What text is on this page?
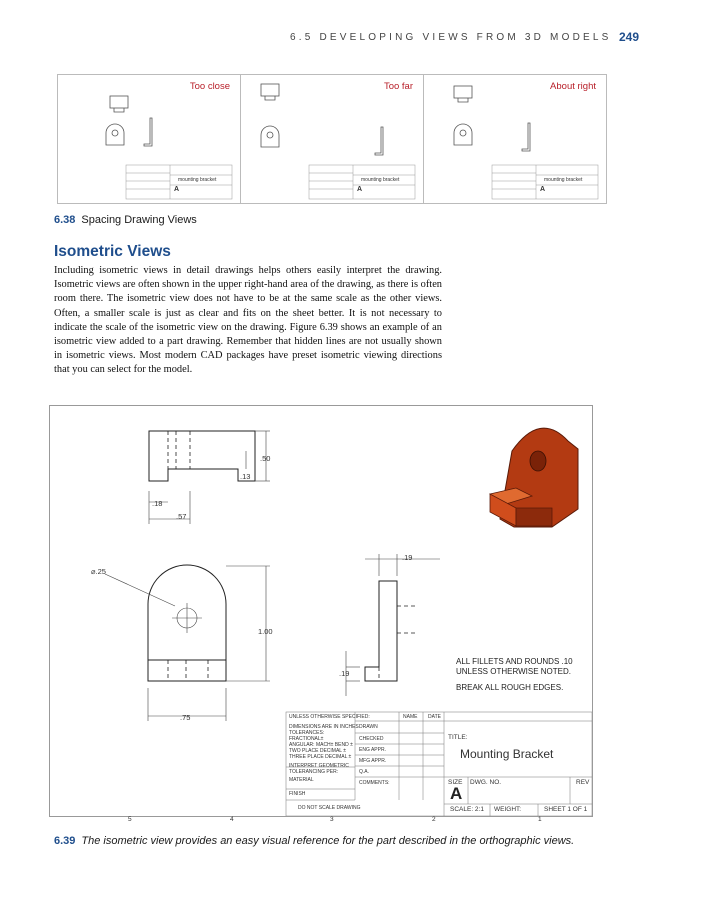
6.5 DEVELOPING VIEWS FROM 3D MODELS 249
Too close
mounting bracket
A
Too far
mounting bracket
A
About right
mounting bracket
A
6.38 Spacing Drawing Views
Isometric Views
Including isometric views in detail drawings helps others easily interpret the drawing. Isometric views are often shown in the upper right-hand area of the drawing, as there is often room there. The isometric view does not have to be at the same scale as the other views. Often, a smaller scale is just as clear and fits on the sheet better. It is not necessary to indicate the scale of the isometric view on the drawing. Figure 6.39 shows an example of an isometric view added to a part drawing. Remember that hidden lines are not usually shown in isometric views. Most modern CAD packages have preset isometric viewing directions that you can select for the model.
.50
.13
.18
.57
⌀.25
1.00
.75
.19
.19
ALL FILLETS AND ROUNDS .10
UNLESS OTHERWISE NOTED.
BREAK ALL ROUGH EDGES.
UNLESS OTHERWISE SPECIFIED:
DIMENSIONS ARE IN INCHES
TOLERANCES:
FRACTIONAL±
ANGULAR: MACH± BEND ±
TWO PLACE DECIMAL ±
THREE PLACE DECIMAL ±
INTERPRET GEOMETRIC
TOLERANCING PER:
MATERIAL
FINISH
DO NOT SCALE DRAWING
NAME DATE
DRAWN
CHECKED
ENG APPR.
MFG APPR.
Q.A.
COMMENTS:
TITLE:
Mounting Bracket
SIZE DWG. NO.	REV
A
SCALE: 2:1 WEIGHT:	SHEET 1 OF 1
5	4	3	2	1
6.39 The isometric view provides an easy visual reference for the part described in the orthographic views.
